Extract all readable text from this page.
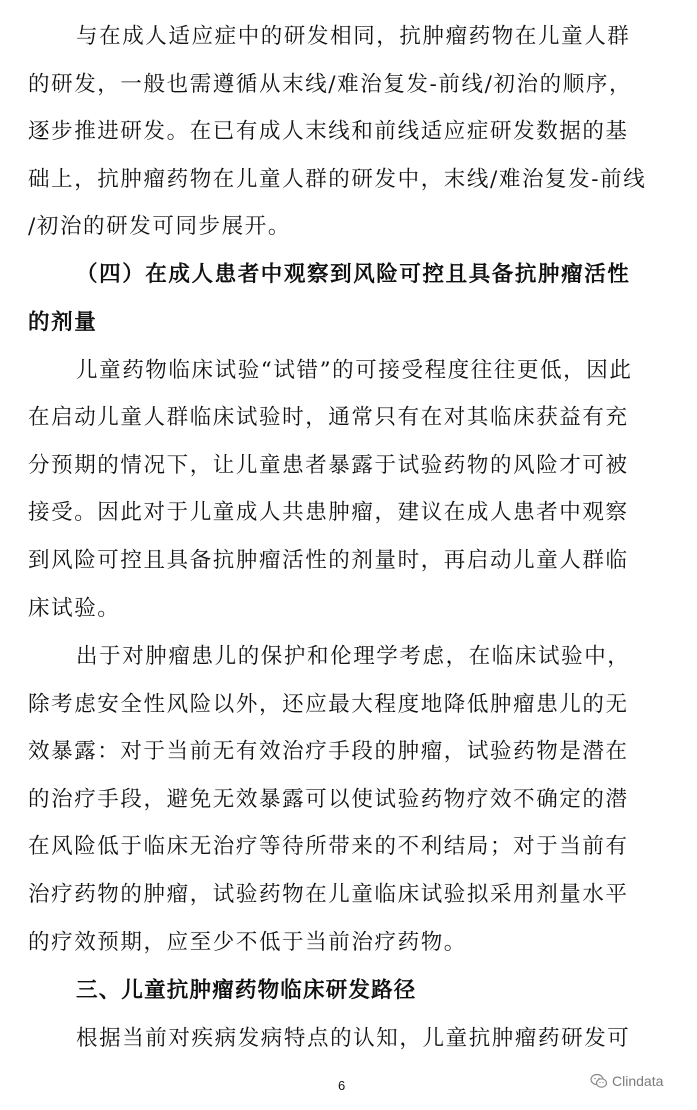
与在成人适应症中的研发相同，抗肿瘤药物在儿童人群
的研发，一般也需遵循从末线/难治复发-前线/初治的顺序，
逐步推进研发。在已有成人末线和前线适应症研发数据的基
础上，抗肿瘤药物在儿童人群的研发中，末线/难治复发-前线
/初治的研发可同步展开。
（四）在成人患者中观察到风险可控且具备抗肿瘤活性
的剂量
儿童药物临床试验“试错”的可接受程度往往更低，因此
在启动儿童人群临床试验时，通常只有在对其临床获益有充
分预期的情况下，让儿童患者暴露于试验药物的风险才可被
接受。因此对于儿童成人共患肿瘤，建议在成人患者中观察
到风险可控且具备抗肿瘤活性的剂量时，再启动儿童人群临
床试验。
出于对肿瘤患儿的保护和伦理学考虑，在临床试验中，
除考虑安全性风险以外，还应最大程度地降低肿瘤患儿的无
效暴露：对于当前无有效治疗手段的肿瘤，试验药物是潜在
的治疗手段，避免无效暴露可以使试验药物疗效不确定的潜
在风险低于临床无治疗等待所带来的不利结局；对于当前有
治疗药物的肿瘤，试验药物在儿童临床试验拟采用剂量水平
的疗效预期，应至少不低于当前治疗药物。
三、儿童抗肿瘤药物临床研发路径
根据当前对疾病发病特点的认知，儿童抗肿瘤药研发可
6	Clindata
